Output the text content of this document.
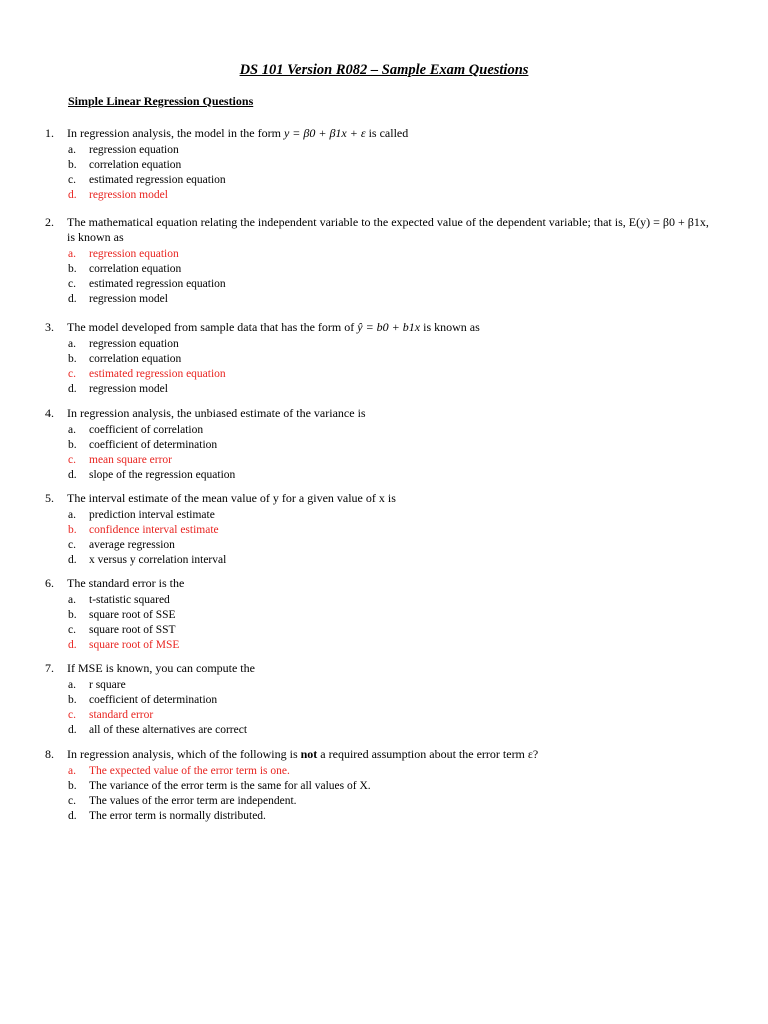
DS 101 Version R082 – Sample Exam Questions
Simple Linear Regression Questions
1. In regression analysis, the model in the form y = β0 + β1x + ε is called
a. regression equation
b. correlation equation
c. estimated regression equation
d. regression model
2. The mathematical equation relating the independent variable to the expected value of the dependent variable; that is, E(y) = β0 + β1x, is known as
a. regression equation
b. correlation equation
c. estimated regression equation
d. regression model
3. The model developed from sample data that has the form of ŷ = b0 + b1x is known as
a. regression equation
b. correlation equation
c. estimated regression equation
d. regression model
4. In regression analysis, the unbiased estimate of the variance is
a. coefficient of correlation
b. coefficient of determination
c. mean square error
d. slope of the regression equation
5. The interval estimate of the mean value of y for a given value of x is
a. prediction interval estimate
b. confidence interval estimate
c. average regression
d. x versus y correlation interval
6. The standard error is the
a. t-statistic squared
b. square root of SSE
c. square root of SST
d. square root of MSE
7. If MSE is known, you can compute the
a. r square
b. coefficient of determination
c. standard error
d. all of these alternatives are correct
8. In regression analysis, which of the following is not a required assumption about the error term ε?
a. The expected value of the error term is one.
b. The variance of the error term is the same for all values of X.
c. The values of the error term are independent.
d. The error term is normally distributed.
